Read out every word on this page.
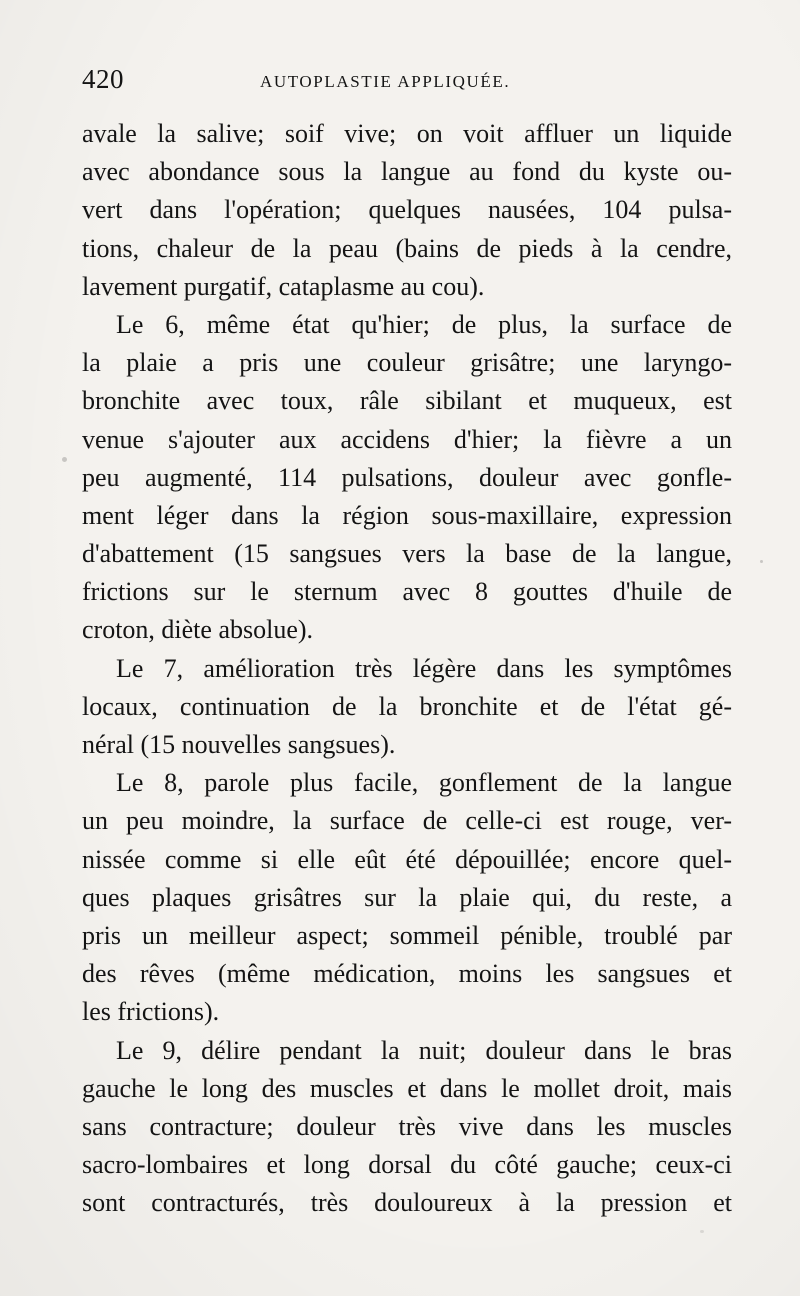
420	AUTOPLASTIE APPLIQUÉE.
avale la salive; soif vive; on voit affluer un liquide
avec abondance sous la langue au fond du kyste ou-
vert dans l'opération; quelques nausées, 104 pulsa-
tions, chaleur de la peau (bains de pieds à la cendre,
lavement purgatif, cataplasme au cou).
Le 6, même état qu'hier; de plus, la surface de
la plaie a pris une couleur grisâtre; une laryngo-
bronchite avec toux, râle sibilant et muqueux, est
venue s'ajouter aux accidens d'hier; la fièvre a un
peu augmenté, 114 pulsations, douleur avec gonfle-
ment léger dans la région sous-maxillaire, expression
d'abattement (15 sangsues vers la base de la langue,
frictions sur le sternum avec 8 gouttes d'huile de
croton, diète absolue).
Le 7, amélioration très légère dans les symptômes
locaux, continuation de la bronchite et de l'état gé-
néral (15 nouvelles sangsues).
Le 8, parole plus facile, gonflement de la langue
un peu moindre, la surface de celle-ci est rouge, ver-
nissée comme si elle eût été dépouillée; encore quel-
ques plaques grisâtres sur la plaie qui, du reste, a
pris un meilleur aspect; sommeil pénible, troublé par
des rêves (même médication, moins les sangsues et
les frictions).
Le 9, délire pendant la nuit; douleur dans le bras
gauche le long des muscles et dans le mollet droit, mais
sans contracture; douleur très vive dans les muscles
sacro-lombaires et long dorsal du côté gauche; ceux-ci
sont contracturés, très douloureux à la pression et
